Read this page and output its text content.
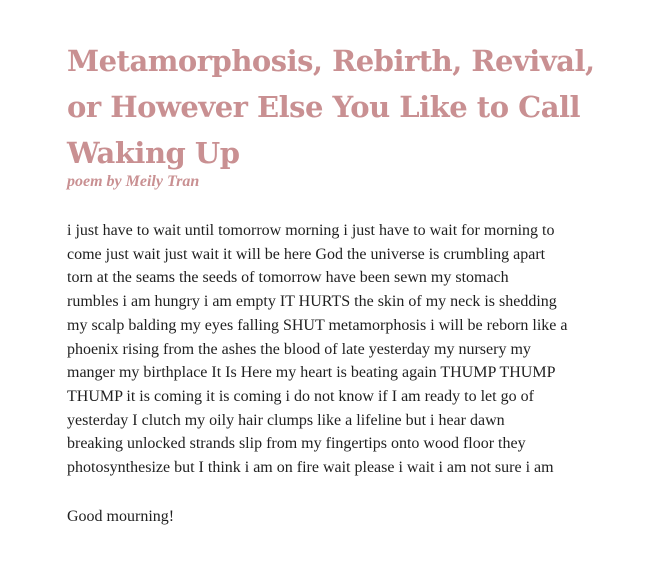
Metamorphosis, Rebirth, Revival,
or However Else You Like to Call
Waking Up

poem by Meily Tran

i just have to wait until tomorrow morning i just have to wait for morning to
come just wait just wait it will be here God the universe is crumbling apart
torn at the seams the seeds of tomorrow have been sewn my stomach
rumbles i am hungry i am empty IT HURTS the skin of my neck is shedding
my scalp balding my eyes falling SHUT metamorphosis i will be reborn like a
phoenix rising from the ashes the blood of late yesterday my nursery my
manger my birthplace It Is Here my heart is beating again THUMP THUMP
THUMP it is coming it is coming i do not know if I am ready to let go of
yesterday I clutch my oily hair clumps like a lifeline but i hear dawn
breaking unlocked strands slip from my fingertips onto wood floor they
photosynthesize but I think i am on fire wait please i wait i am not sure i am

Good mourning!
